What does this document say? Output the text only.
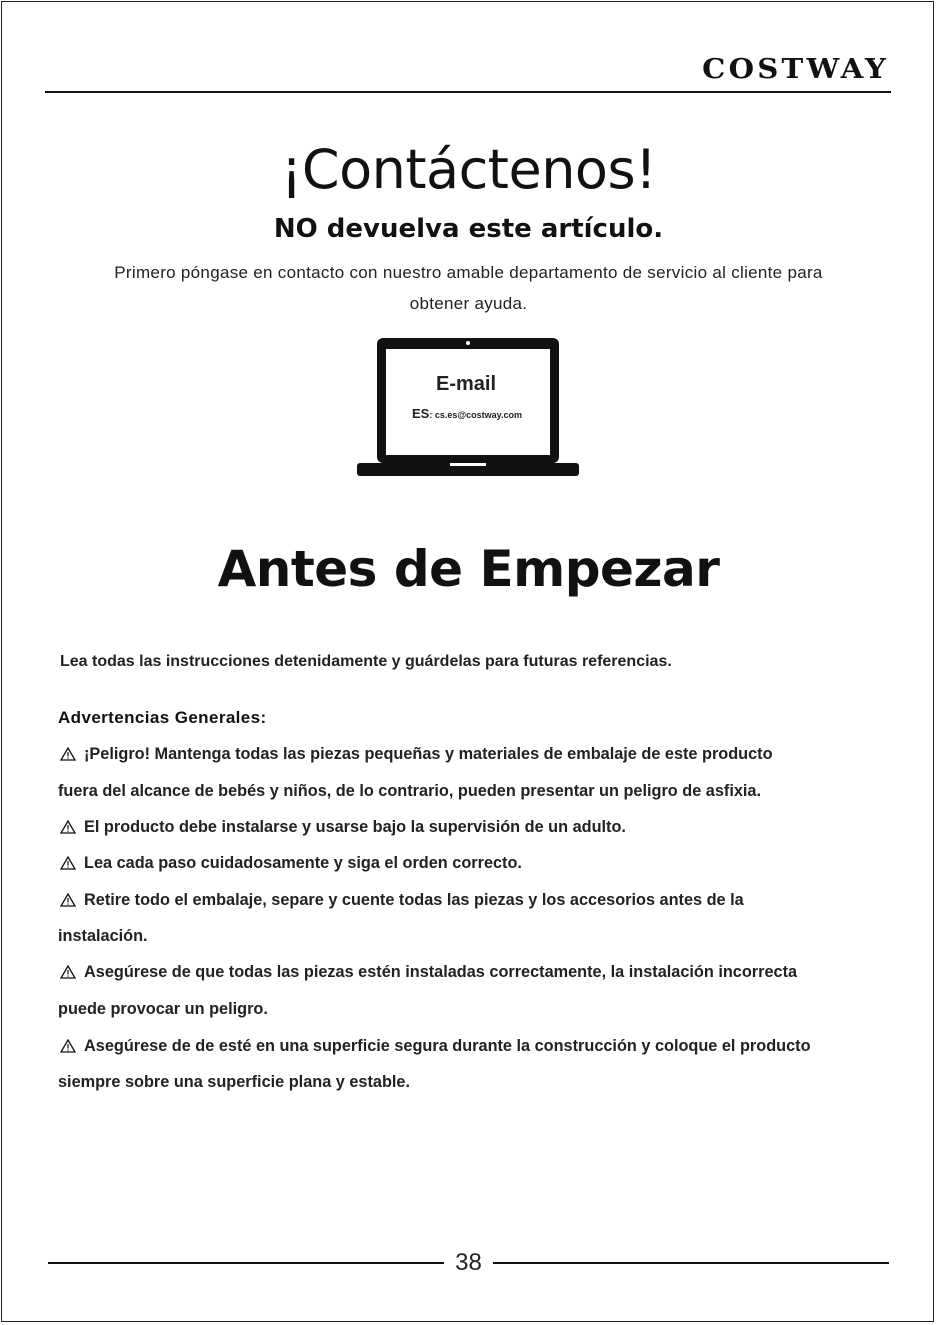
COSTWAY
¡Contáctenos!
NO devuelva este artículo.
Primero póngase en contacto con nuestro amable departamento de servicio al cliente para
obtener ayuda.
E-mail
ES: cs.es@costway.com
Antes de Empezar
Lea todas las instrucciones detenidamente y guárdelas para futuras referencias.
Advertencias Generales:
¡Peligro! Mantenga todas las piezas pequeñas y materiales de embalaje de este producto
fuera del alcance de bebés y niños, de lo contrario, pueden presentar un peligro de asfixia.
El producto debe instalarse y usarse bajo la supervisión de un adulto.
Lea cada paso cuidadosamente y siga el orden correcto.
Retire todo el embalaje, separe y cuente todas las piezas y los accesorios antes de la
instalación.
Asegúrese de que todas las piezas estén instaladas correctamente, la instalación incorrecta
puede provocar un peligro.
Asegúrese de de esté en una superficie segura durante la construcción y coloque el producto
siempre sobre una superficie plana y estable.
38
